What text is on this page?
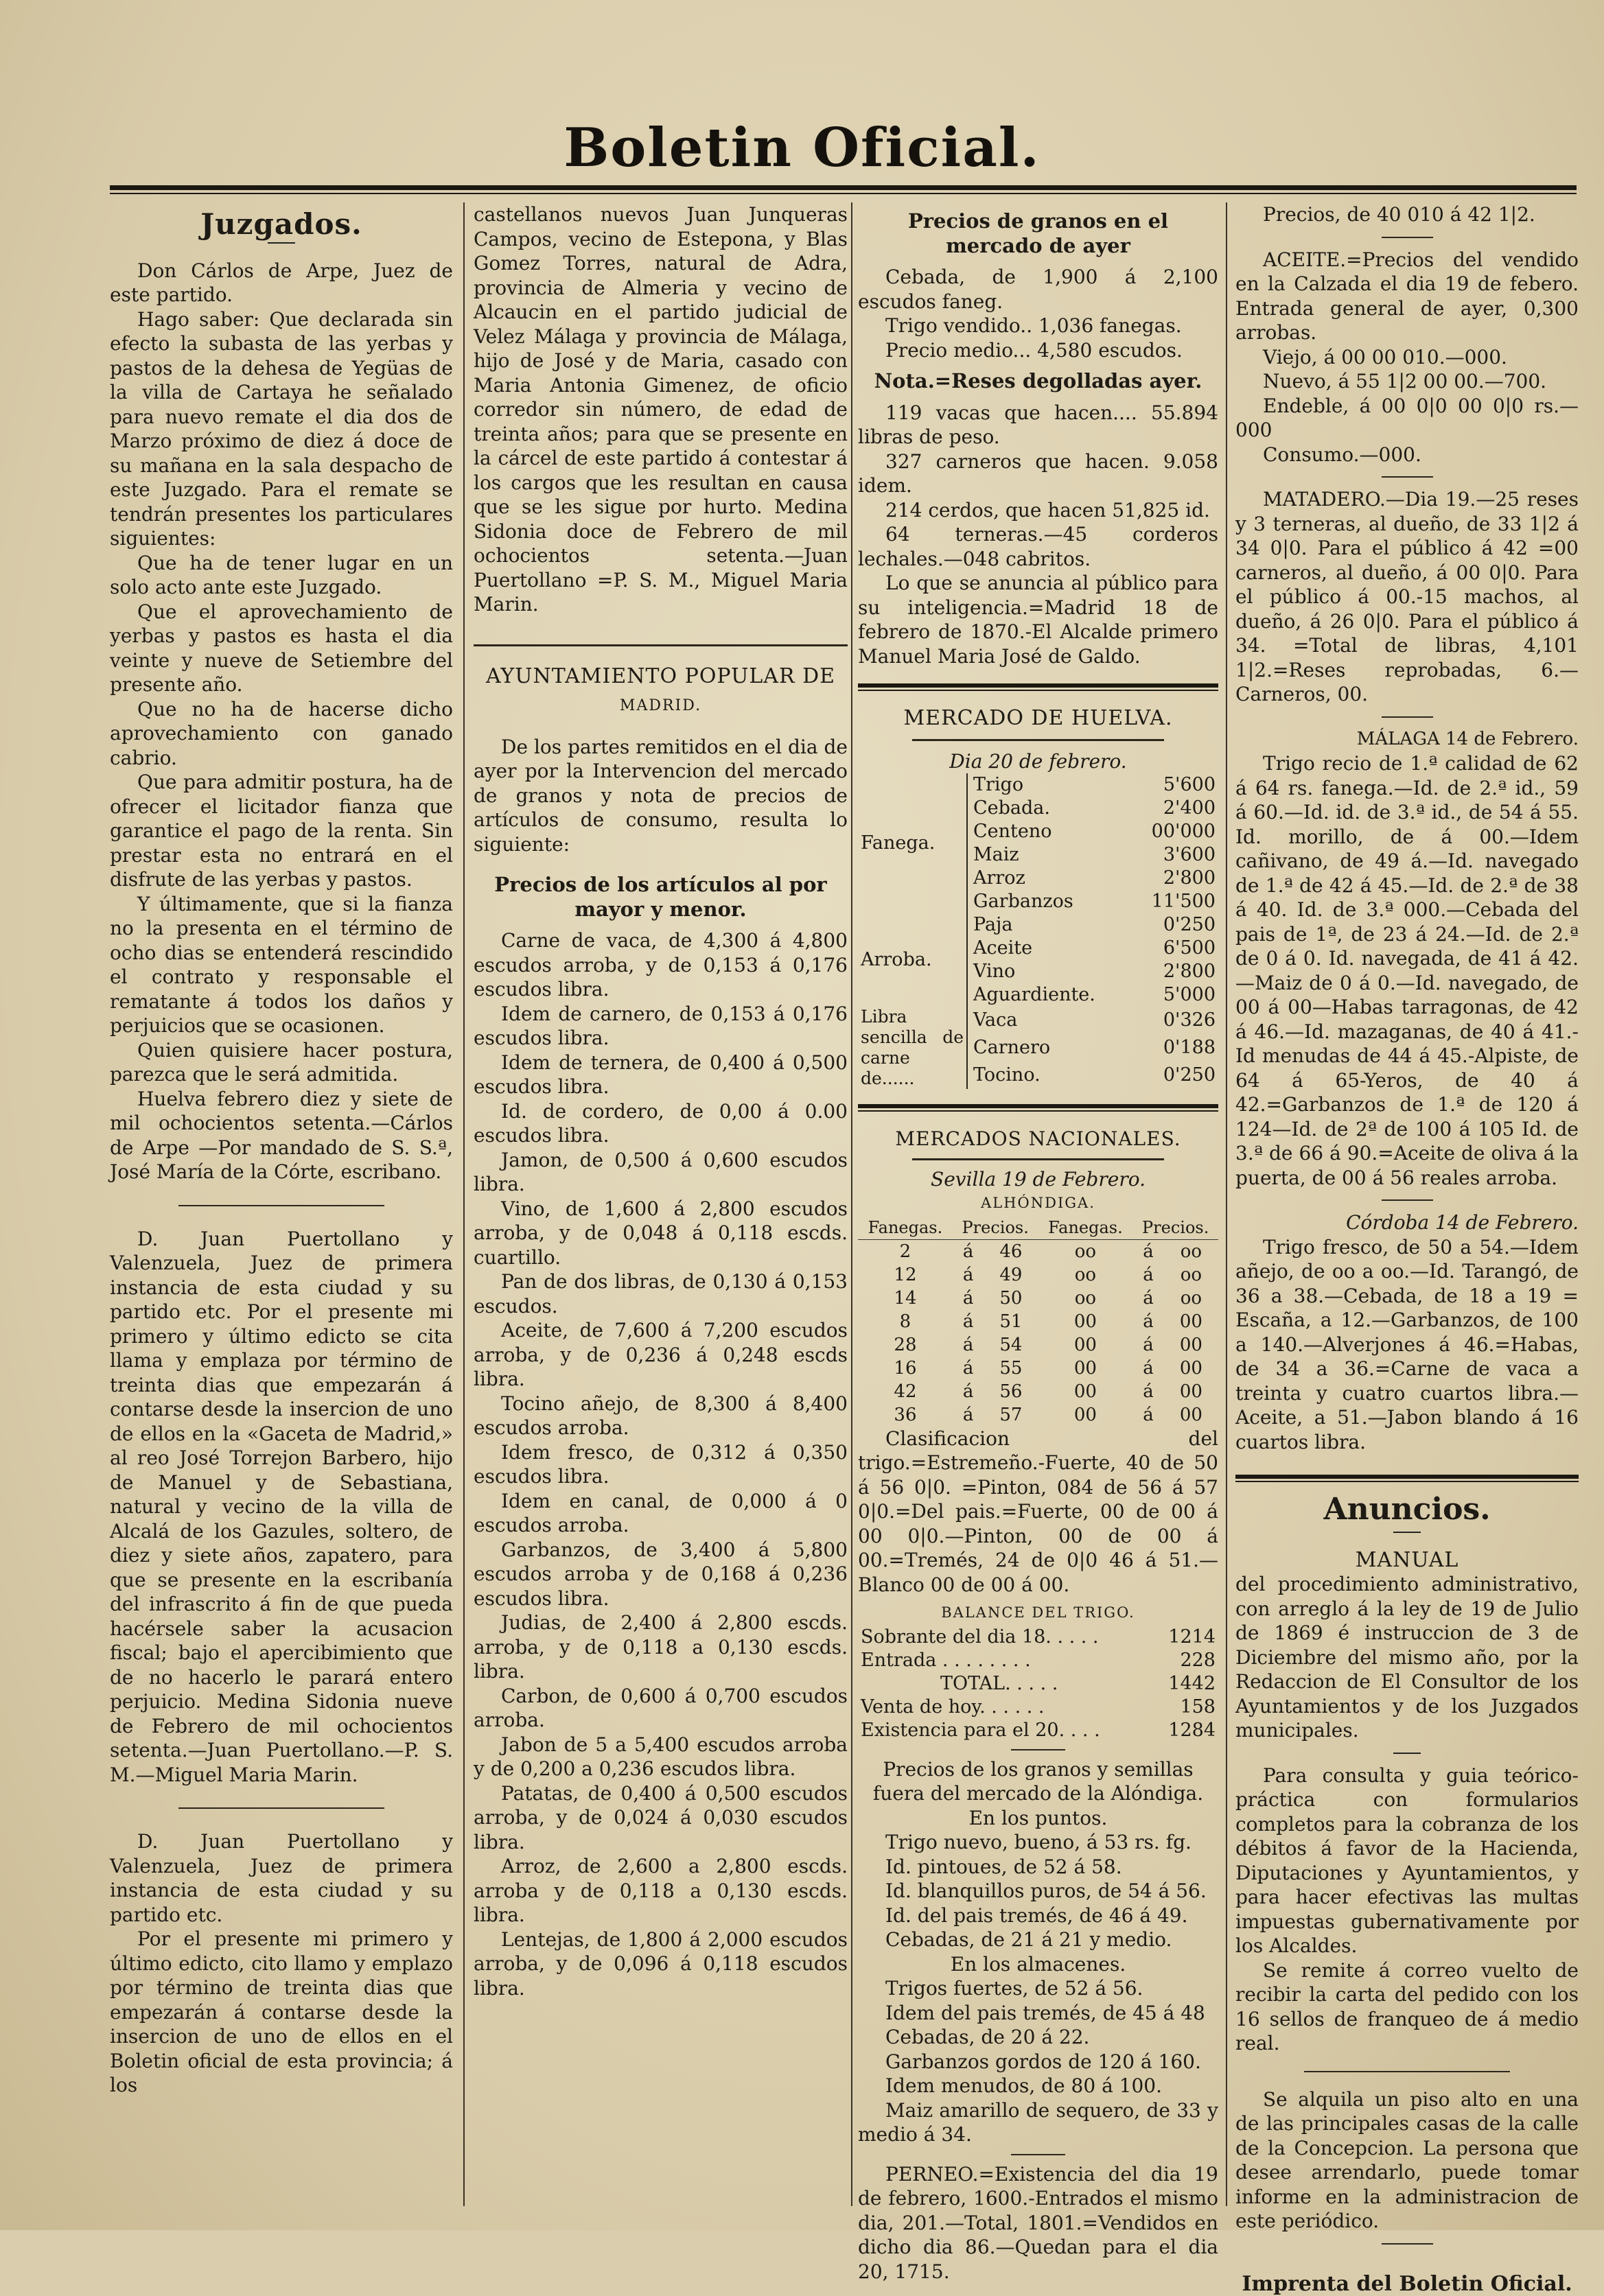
Boletin Oficial.
Juzgados.

Don Cárlos de Arpe, Juez de este partido.

Hago saber: Que declarada sin efecto la subasta de las yerbas y pastos de la dehesa de Yegüas de la villa de Cartaya he señalado para nuevo remate el dia dos de Marzo próximo de diez á doce de su mañana en la sala despacho de este Juzgado. Para el remate se tendrán presentes los particulares siguientes:

Que ha de tener lugar en un solo acto ante este Juzgado.

Que el aprovechamiento de yerbas y pastos es hasta el dia veinte y nueve de Setiembre del presente año.

Que no ha de hacerse dicho aprovechamiento con ganado cabrio.

Que para admitir postura, ha de ofrecer el licitador fianza que garantice el pago de la renta. Sin prestar esta no entrará en el disfrute de las yerbas y pastos.

Y últimamente, que si la fianza no la presenta en el término de ocho dias se entenderá rescindido el contrato y responsable el rematante á todos los daños y perjuicios que se ocasionen.

Quien quisiere hacer postura, parezca que le será admitida.

Huelva febrero diez y siete de mil ochocientos setenta.—Cárlos de Arpe —Por mandado de S. S.ª, José María de la Córte, escribano.

D. Juan Puertollano y Valenzuela, Juez de primera instancia de esta ciudad y su partido etc. Por el presente mi primero y último edicto se cita llama y emplaza por término de treinta dias que empezarán á contarse desde la insercion de uno de ellos en la «Gaceta de Madrid,» al reo José Torrejon Barbero, hijo de Manuel y de Sebastiana, natural y vecino de la villa de Alcalá de los Gazules, soltero, de diez y siete años, zapatero, para que se presente en la escribanía del infrascrito á fin de que pueda hacérsele saber la acusacion fiscal; bajo el apercibimiento que de no hacerlo le parará entero perjuicio. Medina Sidonia nueve de Febrero de mil ochocientos setenta.—Juan Puertollano.—P. S. M.—Miguel Maria Marin.

D. Juan Puertollano y Valenzuela, Juez de primera instancia de esta ciudad y su partido etc.

Por el presente mi primero y último edicto, cito llamo y emplazo por término de treinta dias que empezarán á contarse desde la insercion de uno de ellos en el Boletin oficial de esta provincia; á los

castellanos nuevos Juan Junqueras Campos, vecino de Estepona, y Blas Gomez Torres, natural de Adra, provincia de Almeria y vecino de Alcaucin en el partido judicial de Velez Málaga y provincia de Málaga, hijo de José y de Maria, casado con Maria Antonia Gimenez, de oficio corredor sin número, de edad de treinta años; para que se presente en la cárcel de este partido á contestar á los cargos que les resultan en causa que se les sigue por hurto. Medina Sidonia doce de Febrero de mil ochocientos setenta.—Juan Puertollano =P. S. M., Miguel Maria Marin.

AYUNTAMIENTO POPULAR DE
MADRID.

De los partes remitidos en el dia de ayer por la Intervencion del mercado de granos y nota de precios de artículos de consumo, resulta lo siguiente:

Precios de los artículos al por mayor y menor.

Carne de vaca, de 4,300 á 4,800 escudos arroba, y de 0,153 á 0,176 escudos libra.

Idem de carnero, de 0,153 á 0,176 escudos libra.

Idem de ternera, de 0,400 á 0,500 escudos libra.

Id. de cordero, de 0,00 á 0.00 escudos libra.

Jamon, de 0,500 á 0,600 escudos libra.

Vino, de 1,600 á 2,800 escudos arroba, y de 0,048 á 0,118 escds. cuartillo.

Pan de dos libras, de 0,130 á 0,153 escudos.

Aceite, de 7,600 á 7,200 escudos arroba, y de 0,236 á 0,248 escds libra.

Tocino añejo, de 8,300 á 8,400 escudos arroba.

Idem fresco, de 0,312 á 0,350 escudos libra.

Idem en canal, de 0,000 á 0 escudos arroba.

Garbanzos, de 3,400 á 5,800 escudos arroba y de 0,168 á 0,236 escudos libra.

Judias, de 2,400 á 2,800 escds. arroba, y de 0,118 a 0,130 escds. libra.

Carbon, de 0,600 á 0,700 escudos arroba.

Jabon de 5 a 5,400 escudos arroba y de 0,200 a 0,236 escudos libra.

Patatas, de 0,400 á 0,500 escudos arroba, y de 0,024 á 0,030 escudos libra.

Arroz, de 2,600 a 2,800 escds. arroba y de 0,118 a 0,130 escds. libra.

Lentejas, de 1,800 á 2,000 escudos arroba, y de 0,096 á 0,118 escudos libra.

Precios de granos en el mercado de ayer

Cebada, de 1,900 á 2,100 escudos faneg.

Trigo vendido.. 1,036 fanegas.

Precio medio... 4,580 escudos.

Nota.=Reses degolladas ayer.

119 vacas que hacen.... 55.894 libras de peso.

327 carneros que hacen. 9.058 idem.

214 cerdos, que hacen 51,825 id.

64 terneras.—45 corderos lechales.—048 cabritos.

Lo que se anuncia al público para su inteligencia.=Madrid 18 de febrero de 1870.-El Alcalde primero Manuel Maria José de Galdo.

MERCADO DE HUELVA.
Dia 20 de febrero.
Fanega.	Trigo	5'600
	Cebada.	2'400
	Centeno	00'000
	Maiz	3'600
	Arroz	2'800
	Garbanzos	11'500
Arroba.	Paja	0'250
	Aceite	6'500
	Vino	2'800
	Aguardiente.	5'000
Libra sencilla de carne de......	Vaca	0'326
	Carnero	0'188
	Tocino.	0'250
MERCADOS NACIONALES.
Sevilla 19 de Febrero.
ALHÓNDIGA.
Fanegas.	Precios.		Fanegas.	Precios.	
2	á	46	oo	á	oo
12	á	49	oo	á	oo
14	á	50	oo	á	oo
8	á	51	00	á	00
28	á	54	00	á	00
16	á	55	00	á	00
42	á	56	00	á	00
36	á	57	00	á	00

Clasificacion del trigo.=Estremeño.-Fuerte, 40 de 50 á 56 0|0. =Pinton, 084 de 56 á 57 0|0.=Del pais.=Fuerte, 00 de 00 á 00 0|0.—Pinton, 00 de 00 á 00.=Tremés, 24 de 0|0 46 á 51.—Blanco 00 de 00 á 00.

BALANCE DEL TRIGO.
Sobrante del dia 18. . . . .	1214
Entrada . . . . . . . .	228
TOTAL. . . . .	1442
Venta de hoy. . . . . .	158
Existencia para el 20. . . .	1284

Precios de los granos y semillas fuera del mercado de la Alóndiga.

En los puntos.

Trigo nuevo, bueno, á 53 rs. fg.

Id. pintoues, de 52 á 58.

Id. blanquillos puros, de 54 á 56.

Id. del pais tremés, de 46 á 49.

Cebadas, de 21 á 21 y medio.

En los almacenes.

Trigos fuertes, de 52 á 56.

Idem del pais tremés, de 45 á 48

Cebadas, de 20 á 22.

Garbanzos gordos de 120 á 160.

Idem menudos, de 80 á 100.

Maiz amarillo de sequero, de 33 y medio á 34.

PERNEO.=Existencia del dia 19 de febrero, 1600.-Entrados el mismo dia, 201.—Total, 1801.=Vendidos en dicho dia 86.—Quedan para el dia 20, 1715.

Precios, de 40 010 á 42 1|2.

ACEITE.=Precios del vendido en la Calzada el dia 19 de febero. Entrada general de ayer, 0,300 arrobas.

Viejo, á 00 00 010.—000.

Nuevo, á 55 1|2 00 00.—700.

Endeble, á 00 0|0 00 0|0 rs.—000

Consumo.—000.

MATADERO.—Dia 19.—25 reses y 3 terneras, al dueño, de 33 1|2 á 34 0|0. Para el público á 42 =00 carneros, al dueño, á 00 0|0. Para el público á 00.-15 machos, al dueño, á 26 0|0. Para el público á 34. =Total de libras, 4,101 1|2.=Reses reprobadas, 6.—Carneros, 00.

MÁLAGA 14 de Febrero.

Trigo recio de 1.ª calidad de 62 á 64 rs. fanega.—Id. de 2.ª id., 59 á 60.—Id. id. de 3.ª id., de 54 á 55. Id. morillo, de á 00.—Idem cañivano, de 49 á.—Id. navegado de 1.ª de 42 á 45.—Id. de 2.ª de 38 á 40. Id. de 3.ª 000.—Cebada del pais de 1ª, de 23 á 24.—Id. de 2.ª de 0 á 0. Id. navegada, de 41 á 42.—Maiz de 0 á 0.—Id. navegado, de 00 á 00—Habas tarragonas, de 42 á 46.—Id. mazaganas, de 40 á 41.-Id menudas de 44 á 45.-Alpiste, de 64 á 65-Yeros, de 40 á 42.=Garbanzos de 1.ª de 120 á 124—Id. de 2ª de 100 á 105 Id. de 3.ª de 66 á 90.=Aceite de oliva á la puerta, de 00 á 56 reales arroba.

Córdoba 14 de Febrero.

Trigo fresco, de 50 a 54.—Idem añejo, de oo a oo.—Id. Tarangó, de 36 a 38.—Cebada, de 18 a 19 = Escaña, a 12.—Garbanzos, de 100 a 140.—Alverjones á 46.=Habas, de 34 a 36.=Carne de vaca a treinta y cuatro cuartos libra.—Aceite, a 51.—Jabon blando á 16 cuartos libra.

Anuncios.
MANUAL

del procedimiento administrativo, con arreglo á la ley de 19 de Julio de 1869 é instruccion de 3 de Diciembre del mismo año, por la Redaccion de El Consultor de los Ayuntamientos y de los Juzgados municipales.

Para consulta y guia teórico-práctica con formularios completos para la cobranza de los débitos á favor de la Hacienda, Diputaciones y Ayuntamientos, y para hacer efectivas las multas impuestas gubernativamente por los Alcaldes.

Se remite á correo vuelto de recibir la carta del pedido con los 16 sellos de franqueo de á medio real.

Se alquila un piso alto en una de las principales casas de la calle de la Concepcion. La persona que desee arrendarlo, puede tomar informe en la administracion de este periódico.

Imprenta del Boletin Oficial.
